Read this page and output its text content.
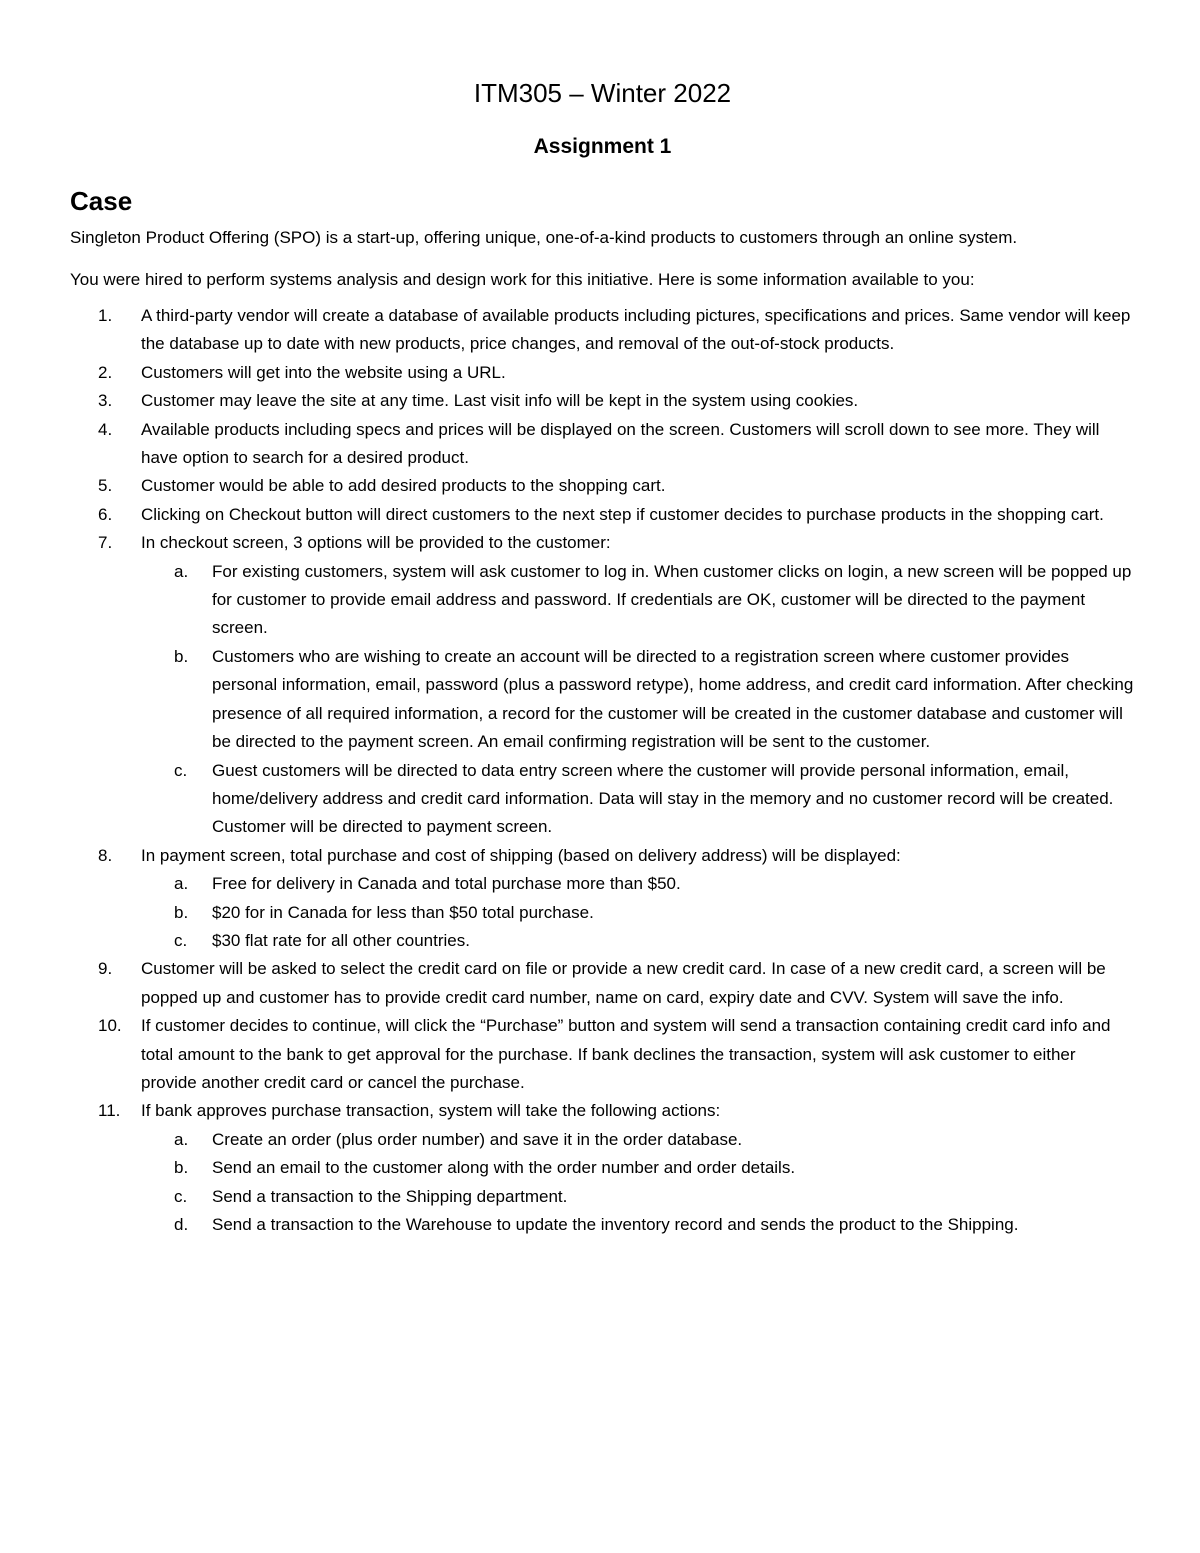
ITM305 – Winter 2022
Assignment 1
Case

Singleton Product Offering (SPO) is a start-up, offering unique, one-of-a-kind products to customers through an online system.

You were hired to perform systems analysis and design work for this initiative. Here is some information available to you:

1.	A third-party vendor will create a database of available products including pictures, specifications and prices. Same vendor will keep the database up to date with new products, price changes, and removal of the out-of-stock products.
2.	Customers will get into the website using a URL.
3.	Customer may leave the site at any time. Last visit info will be kept in the system using cookies.
4.	Available products including specs and prices will be displayed on the screen. Customers will scroll down to see more. They will have option to search for a desired product.
5.	Customer would be able to add desired products to the shopping cart.
6.	Clicking on Checkout button will direct customers to the next step if customer decides to purchase products in the shopping cart.
7.	In checkout screen, 3 options will be provided to the customer:
a. For existing customers, system will ask customer to log in. When customer clicks on login, a new screen will be popped up for customer to provide email address and password. If credentials are OK, customer will be directed to the payment screen.
b. Customers who are wishing to create an account will be directed to a registration screen where customer provides personal information, email, password (plus a password retype), home address, and credit card information. After checking presence of all required information, a record for the customer will be created in the customer database and customer will be directed to the payment screen. An email confirming registration will be sent to the customer.
c. Guest customers will be directed to data entry screen where the customer will provide personal information, email, home/delivery address and credit card information. Data will stay in the memory and no customer record will be created. Customer will be directed to payment screen.
8.	In payment screen, total purchase and cost of shipping (based on delivery address) will be displayed:
a. Free for delivery in Canada and total purchase more than $50.
b. $20 for in Canada for less than $50 total purchase.
c. $30 flat rate for all other countries.
9.	Customer will be asked to select the credit card on file or provide a new credit card. In case of a new credit card, a screen will be popped up and customer has to provide credit card number, name on card, expiry date and CVV. System will save the info.
10.	If customer decides to continue, will click the “Purchase” button and system will send a transaction containing credit card info and total amount to the bank to get approval for the purchase. If bank declines the transaction, system will ask customer to either provide another credit card or cancel the purchase.
11.	If bank approves purchase transaction, system will take the following actions:
a. Create an order (plus order number) and save it in the order database.
b. Send an email to the customer along with the order number and order details.
c. Send a transaction to the Shipping department.
d. Send a transaction to the Warehouse to update the inventory record and sends the product to the Shipping.
